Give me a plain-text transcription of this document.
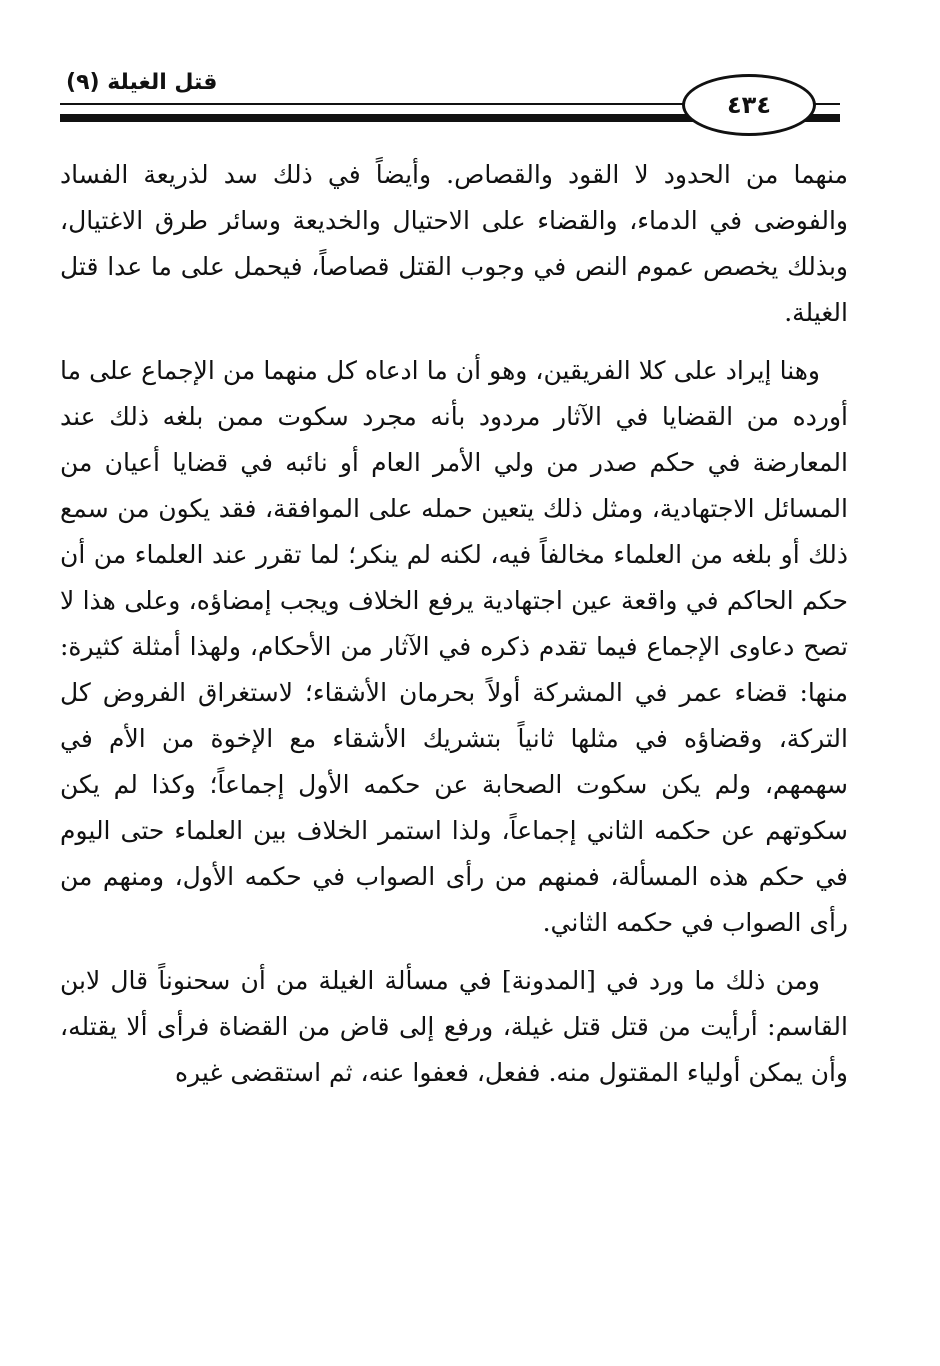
(٩) قتل الغيلة
٤٣٤

منهما من الحدود لا القود والقصاص. وأيضاً في ذلك سد لذريعة الفساد والفوضى في الدماء، والقضاء على الاحتيال والخديعة وسائر طرق الاغتيال، وبذلك يخصص عموم النص في وجوب القتل قصاصاً، فيحمل على ما عدا قتل الغيلة.

وهنا إيراد على كلا الفريقين، وهو أن ما ادعاه كل منهما من الإجماع على ما أورده من القضايا في الآثار مردود بأنه مجرد سكوت ممن بلغه ذلك عند المعارضة في حكم صدر من ولي الأمر العام أو نائبه في قضايا أعيان من المسائل الاجتهادية، ومثل ذلك يتعين حمله على الموافقة، فقد يكون من سمع ذلك أو بلغه من العلماء مخالفاً فيه، لكنه لم ينكر؛ لما تقرر عند العلماء من أن حكم الحاكم في واقعة عين اجتهادية يرفع الخلاف ويجب إمضاؤه، وعلى هذا لا تصح دعاوى الإجماع فيما تقدم ذكره في الآثار من الأحكام، ولهذا أمثلة كثيرة: منها: قضاء عمر في المشركة أولاً بحرمان الأشقاء؛ لاستغراق الفروض كل التركة، وقضاؤه في مثلها ثانياً بتشريك الأشقاء مع الإخوة من الأم في سهمهم، ولم يكن سكوت الصحابة عن حكمه الأول إجماعاً؛ وكذا لم يكن سكوتهم عن حكمه الثاني إجماعاً، ولذا استمر الخلاف بين العلماء حتى اليوم في حكم هذه المسألة، فمنهم من رأى الصواب في حكمه الأول، ومنهم من رأى الصواب في حكمه الثاني.

ومن ذلك ما ورد في [المدونة] في مسألة الغيلة من أن سحنوناً قال لابن القاسم: أرأيت من قتل قتل غيلة، ورفع إلى قاض من القضاة فرأى ألا يقتله، وأن يمكن أولياء المقتول منه. ففعل، فعفوا عنه، ثم استقضى غيره
